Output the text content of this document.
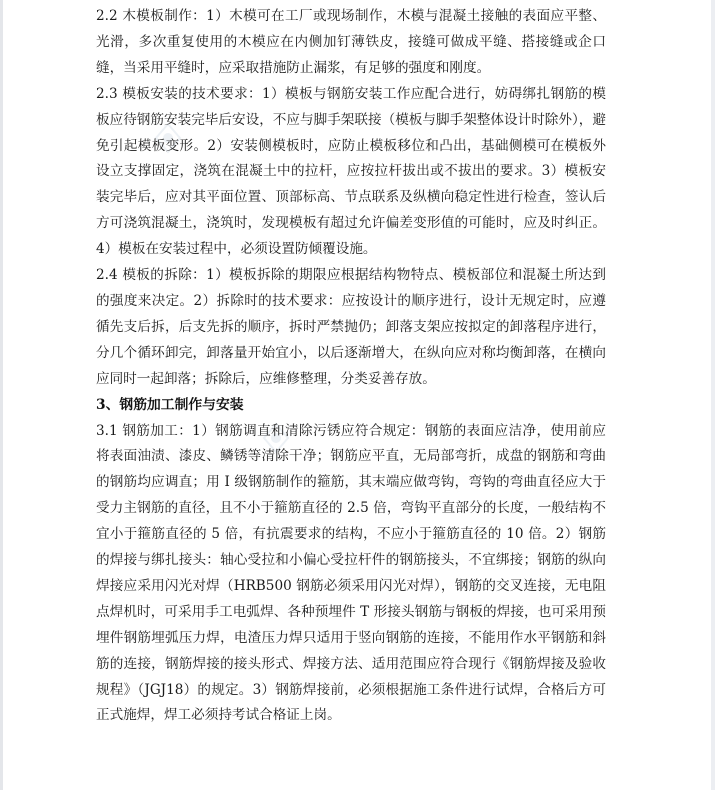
2.2 木模板制作：1）木模可在工厂或现场制作，木模与混凝土接触的表面应平整、光滑，多次重复使用的木模应在内侧加钉薄铁皮，接缝可做成平缝、搭接缝或企口缝，当采用平缝时，应采取措施防止漏浆，有足够的强度和刚度。

2.3 模板安装的技术要求：1）模板与钢筋安装工作应配合进行，妨碍绑扎钢筋的模板应待钢筋安装完毕后安设，不应与脚手架联接（模板与脚手架整体设计时除外），避免引起模板变形。2）安装侧模板时，应防止模板移位和凸出，基础侧模可在模板外设立支撑固定，浇筑在混凝土中的拉杆，应按拉杆拔出或不拔出的要求。3）模板安装完毕后，应对其平面位置、顶部标高、节点联系及纵横向稳定性进行检查，签认后方可浇筑混凝土，浇筑时，发现模板有超过允许偏差变形值的可能时，应及时纠正。4）模板在安装过程中，必须设置防倾覆设施。

2.4 模板的拆除：1）模板拆除的期限应根据结构物特点、模板部位和混凝土所达到的强度来决定。2）拆除时的技术要求：应按设计的顺序进行，设计无规定时，应遵循先支后拆，后支先拆的顺序，拆时严禁抛仍；卸落支架应按拟定的卸落程序进行，分几个循环卸完，卸落量开始宜小，以后逐渐增大，在纵向应对称均衡卸落，在横向应同时一起卸落；拆除后，应维修整理，分类妥善存放。

3、钢筋加工制作与安装

3.1 钢筋加工：1）钢筋调直和清除污锈应符合规定：钢筋的表面应洁净，使用前应将表面油渍、漆皮、鳞锈等清除干净；钢筋应平直，无局部弯折，成盘的钢筋和弯曲的钢筋均应调直；用 I 级钢筋制作的箍筋，其末端应做弯钩，弯钩的弯曲直径应大于受力主钢筋的直径，且不小于箍筋直径的 2.5 倍，弯钩平直部分的长度，一般结构不宜小于箍筋直径的 5 倍，有抗震要求的结构，不应小于箍筋直径的 10 倍。2）钢筋的焊接与绑扎接头：轴心受拉和小偏心受拉杆件的钢筋接头，不宜绑接；钢筋的纵向焊接应采用闪光对焊（HRB500 钢筋必须采用闪光对焊），钢筋的交叉连接，无电阻点焊机时，可采用手工电弧焊、各种预埋件 T 形接头钢筋与钢板的焊接，也可采用预埋件钢筋埋弧压力焊，电渣压力焊只适用于竖向钢筋的连接，不能用作水平钢筋和斜筋的连接，钢筋焊接的接头形式、焊接方法、适用范围应符合现行《钢筋焊接及验收规程》（JGJ18）的规定。3）钢筋焊接前，必须根据施工条件进行试焊，合格后方可正式施焊，焊工必须持考试合格证上岗。
